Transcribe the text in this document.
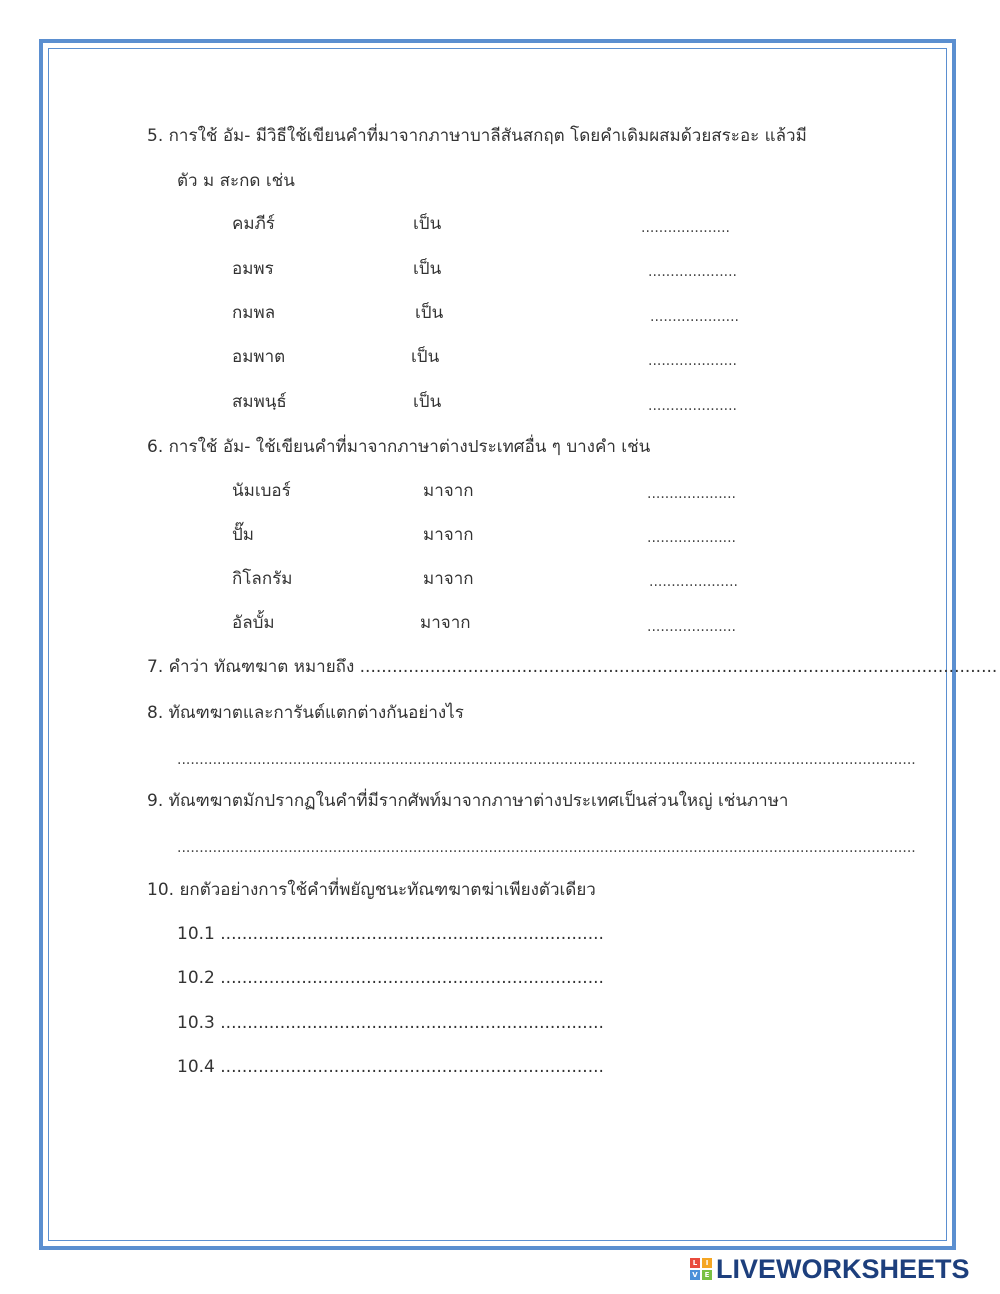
5. การใช้ อัม- มีวิธีใช้เขียนคำที่มาจากภาษาบาลีสันสกฤต โดยคำเดิมผสมด้วยสระอะ แล้วมี
ตัว ม สะกด เช่น
คมภีร์	เป็น	....................
อมพร	เป็น	....................
กมพล	เป็น	....................
อมพาต	เป็น	....................
สมพนฺธ์	เป็น	....................
6. การใช้ อัม- ใช้เขียนคำที่มาจากภาษาต่างประเทศอื่น ๆ บางคำ เช่น
นัมเบอร์	มาจาก	....................
ปั๊ม	มาจาก	....................
กิโลกรัม	มาจาก	....................
อัลบั้ม	มาจาก	....................
7. คำว่า ทัณฑฆาต หมายถึง ......................................................................................................................
8. ทัณฑฆาตและการันต์แตกต่างกันอย่างไร
......................................................................................................................................................................
9. ทัณฑฆาตมักปรากฏในคำที่มีรากศัพท์มาจากภาษาต่างประเทศเป็นส่วนใหญ่ เช่นภาษา
......................................................................................................................................................................
10. ยกตัวอย่างการใช้คำที่พยัญชนะทัณฑฆาตฆ่าเพียงตัวเดียว
10.1 .......................................................................
10.2 .......................................................................
10.3 .......................................................................
10.4 .......................................................................
L	I
V E LIVEWORKSHEETS
